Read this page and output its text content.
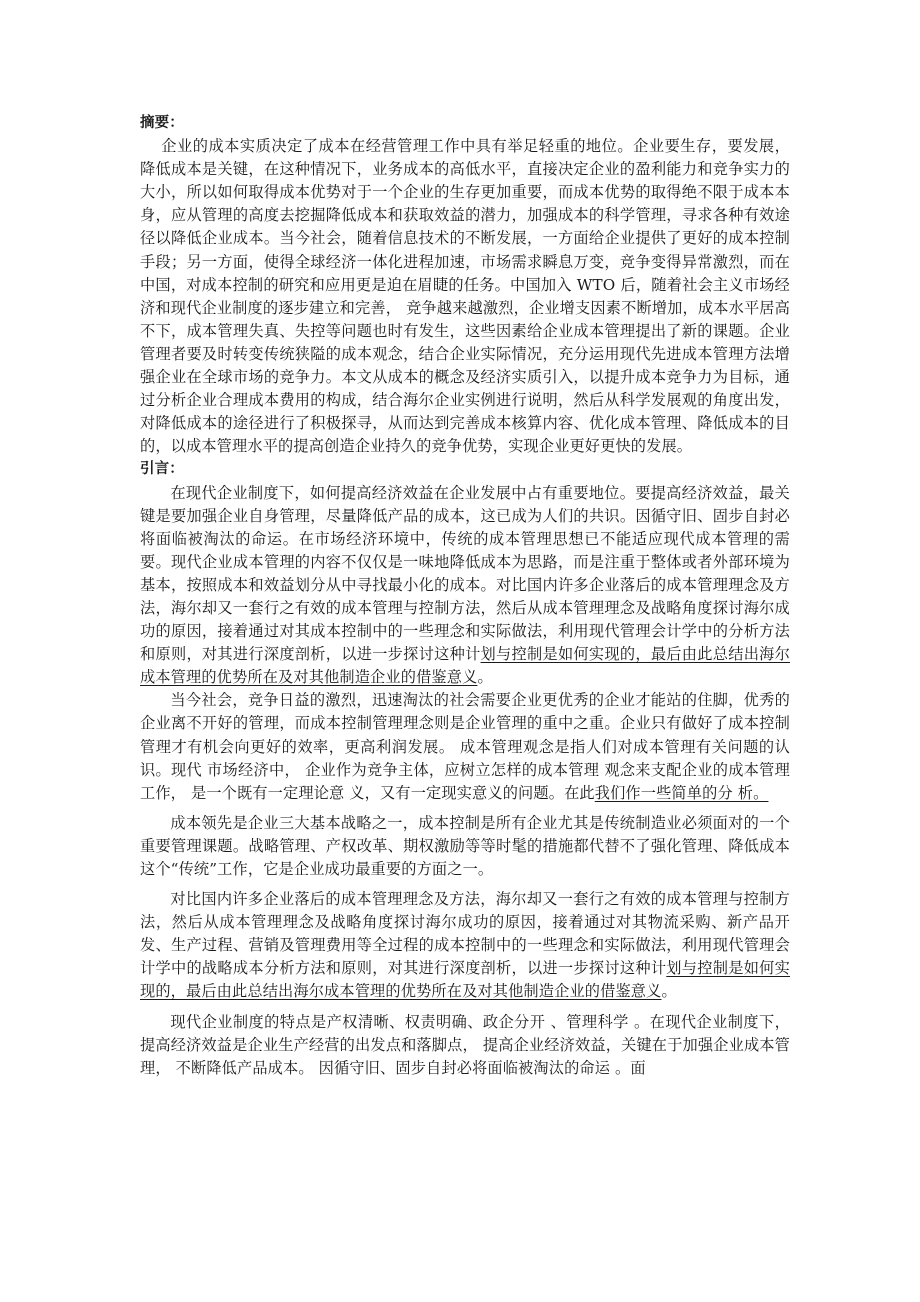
摘要：

企业的成本实质决定了成本在经营管理工作中具有举足轻重的地位。企业要生存，要发展，降低成本是关键，在这种情况下，业务成本的高低水平，直接决定企业的盈利能力和竞争实力的大小，所以如何取得成本优势对于一个企业的生存更加重要，而成本优势的取得绝不限于成本本身，应从管理的高度去挖掘降低成本和获取效益的潜力，加强成本的科学管理，寻求各种有效途径以降低企业成本。当今社会，随着信息技术的不断发展，一方面给企业提供了更好的成本控制手段；另一方面，使得全球经济一体化进程加速，市场需求瞬息万变，竞争变得异常激烈，而在中国，对成本控制的研究和应用更是迫在眉睫的任务。中国加入 WTO 后，随着社会主义市场经济和现代企业制度的逐步建立和完善， 竞争越来越激烈，企业增支因素不断增加，成本水平居高不下，成本管理失真、失控等问题也时有发生，这些因素给企业成本管理提出了新的课题。企业管理者要及时转变传统狭隘的成本观念，结合企业实际情况，充分运用现代先进成本管理方法增强企业在全球市场的竞争力。本文从成本的概念及经济实质引入，以提升成本竞争力为目标，通过分析企业合理成本费用的构成，结合海尔企业实例进行说明，然后从科学发展观的角度出发，对降低成本的途径进行了积极探寻，从而达到完善成本核算内容、优化成本管理、降低成本的目的，以成本管理水平的提高创造企业持久的竞争优势，实现企业更好更快的发展。

引言：

在现代企业制度下，如何提高经济效益在企业发展中占有重要地位。要提高经济效益，最关键是要加强企业自身管理，尽量降低产品的成本，这已成为人们的共识。因循守旧、固步自封必将面临被淘汰的命运。在市场经济环境中，传统的成本管理思想已不能适应现代成本管理的需要。现代企业成本管理的内容不仅仅是一味地降低成本为思路，而是注重于整体或者外部环境为基本，按照成本和效益划分从中寻找最小化的成本。对比国内许多企业落后的成本管理理念及方法，海尔却又一套行之有效的成本管理与控制方法，然后从成本管理理念及战略角度探讨海尔成功的原因，接着通过对其成本控制中的一些理念和实际做法，利用现代管理会计学中的分析方法和原则，对其进行深度剖析，以进一步探讨这种计划与控制是如何实现的，最后由此总结出海尔成本管理的优势所在及对其他制造企业的借鉴意义。

当今社会，竞争日益的激烈，迅速淘汰的社会需要企业更优秀的企业才能站的住脚，优秀的企业离不开好的管理，而成本控制管理理念则是企业管理的重中之重。企业只有做好了成本控制管理才有机会向更好的效率，更高利润发展。 成本管理观念是指人们对成本管理有关问题的认识。现代 市场经济中， 企业作为竞争主体，应树立怎样的成本管理 观念来支配企业的成本管理工作， 是一个既有一定理论意 义，又有一定现实意义的问题。在此我们作一些简单的分 析。

成本领先是企业三大基本战略之一，成本控制是所有企业尤其是传统制造业必须面对的一个重要管理课题。战略管理、产权改革、期权激励等等时髦的措施都代替不了强化管理、降低成本这个“传统”工作，它是企业成功最重要的方面之一。

对比国内许多企业落后的成本管理理念及方法，海尔却又一套行之有效的成本管理与控制方法，然后从成本管理理念及战略角度探讨海尔成功的原因，接着通过对其物流采购、新产品开发、生产过程、营销及管理费用等全过程的成本控制中的一些理念和实际做法，利用现代管理会计学中的战略成本分析方法和原则，对其进行深度剖析，以进一步探讨这种计划与控制是如何实现的，最后由此总结出海尔成本管理的优势所在及对其他制造企业的借鉴意义。

现代企业制度的特点是产权清晰、权责明确、政企分开 、管理科学 。在现代企业制度下，提高经济效益是企业生产经营的出发点和落脚点， 提高企业经济效益，关键在于加强企业成本管理， 不断降低产品成本。 因循守旧、固步自封必将面临被淘汰的命运 。面
